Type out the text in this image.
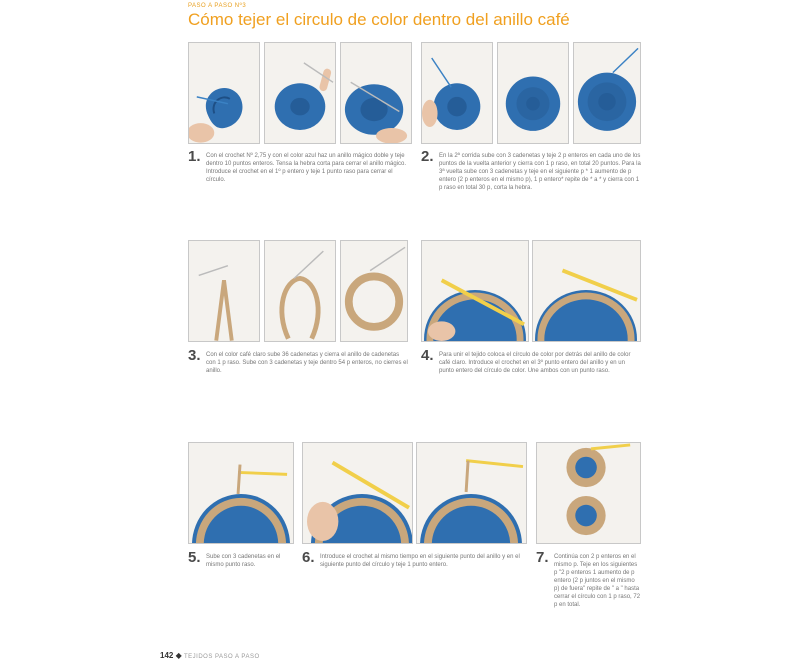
PASO A PASO Nº3
Cómo tejer el circulo de color dentro del anillo café
1. Con el crochet Nº 2,75 y con el color azul haz un anillo mágico doble y teje dentro 10 puntos enteros. Tensa la hebra corta para cerrar el anillo mágico. Introduce el crochet en el 1º p entero y teje 1 punto raso para cerrar el círculo.

2. En la 2ª corrida sube con 3 cadenetas y teje 2 p enteros en cada uno de los puntos de la vuelta anterior y cierra con 1 p raso, en total 20 puntos. Para la 3ª vuelta sube con 3 cadenetas y teje en el siguiente p * 1 aumento de p entero (2 p enteros en el mismo p), 1 p entero* repite de * a * y cierra con 1 p raso en total 30 p, corta la hebra.

3. Con el color café claro sube 36 cadenetas y cierra el anillo de cadenetas con 1 p raso. Sube con 3 cadenetas y teje dentro 54 p enteros, no cierres el anillo.

4. Para unir el tejido coloca el círculo de color por detrás del anillo de color café claro. Introduce el crochet en el 3º punto entero del anillo y en un punto entero del círculo de color. Une ambos con un punto raso.

5. Sube con 3 cadenetas en el mismo punto raso.	6. Introduce el crochet al mismo tiempo en el siguiente punto del anillo y en el siguiente punto del círculo y teje 1 punto entero.	7. Continúa con 2 p enteros en el mismo p. Teje en los siguientes p "2 p enteros 1 aumento de p entero (2 p juntos en el mismo p) de fuera" repite de " a " hasta cerrar el círculo con 1 p raso, 72 p en total.

142 ◆ TEJIDOS PASO A PASO
